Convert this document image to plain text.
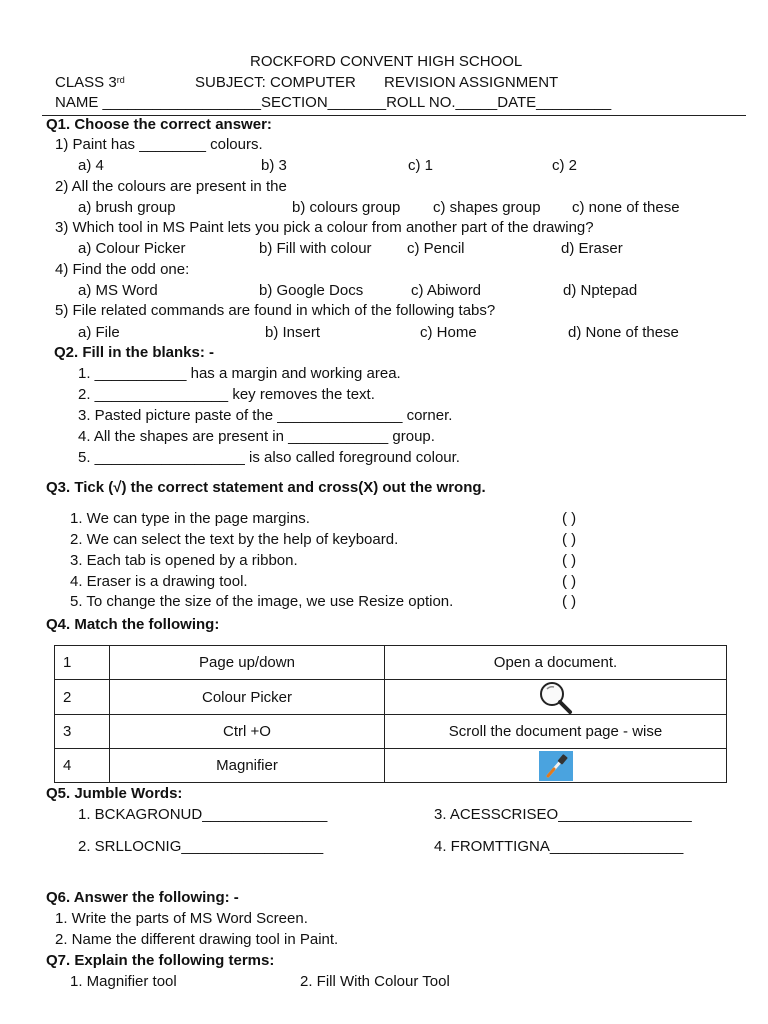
ROCKFORD CONVENT HIGH SCHOOL
CLASS 3rd	SUBJECT: COMPUTER REVISION ASSIGNMENT
NAME ___________________SECTION_______ROLL NO._____DATE_________
Q1. Choose the correct answer:
1) Paint has ________ colours.
a) 4	b) 3	c) 1	c) 2
2) All the colours are present in the
a) brush group	b) colours group c) shapes group c) none of these
3) Which tool in MS Paint lets you pick a colour from another part of the drawing?
a) Colour Picker	b) Fill with colour c) Pencil	d) Eraser
4) Find the odd one:
a) MS Word	b) Google Docs	c) Abiword	d) Nptepad
5) File related commands are found in which of the following tabs?
a) File	b) Insert	c) Home	d) None of these
Q2. Fill in the blanks: -
1. ___________ has a margin and working area.
2. ________________ key removes the text.
3. Pasted picture paste of the _______________ corner.
4. All the shapes are present in ____________ group.
5. __________________ is also called foreground colour.
Q3. Tick (√) the correct statement and cross(X) out the wrong.
1. We can type in the page margins.	( )
2. We can select the text by the help of keyboard.	( )
3. Each tab is opened by a ribbon.	( )
4. Eraser is a drawing tool.	( )
5. To change the size of the image, we use Resize option.	( )
Q4. Match the following:
1	Page up/down	Open a document.
2	Colour Picker	
3	Ctrl +O	Scroll the document page - wise
4	Magnifier	
Q5. Jumble Words:
1. BCKAGRONUD_______________	3. ACESSCRISEO________________
2. SRLLOCNIG_________________	4. FROMTTIGNA________________
Q6. Answer the following: -
1. Write the parts of MS Word Screen.
2. Name the different drawing tool in Paint.
Q7. Explain the following terms:
1. Magnifier tool	2. Fill With Colour Tool
